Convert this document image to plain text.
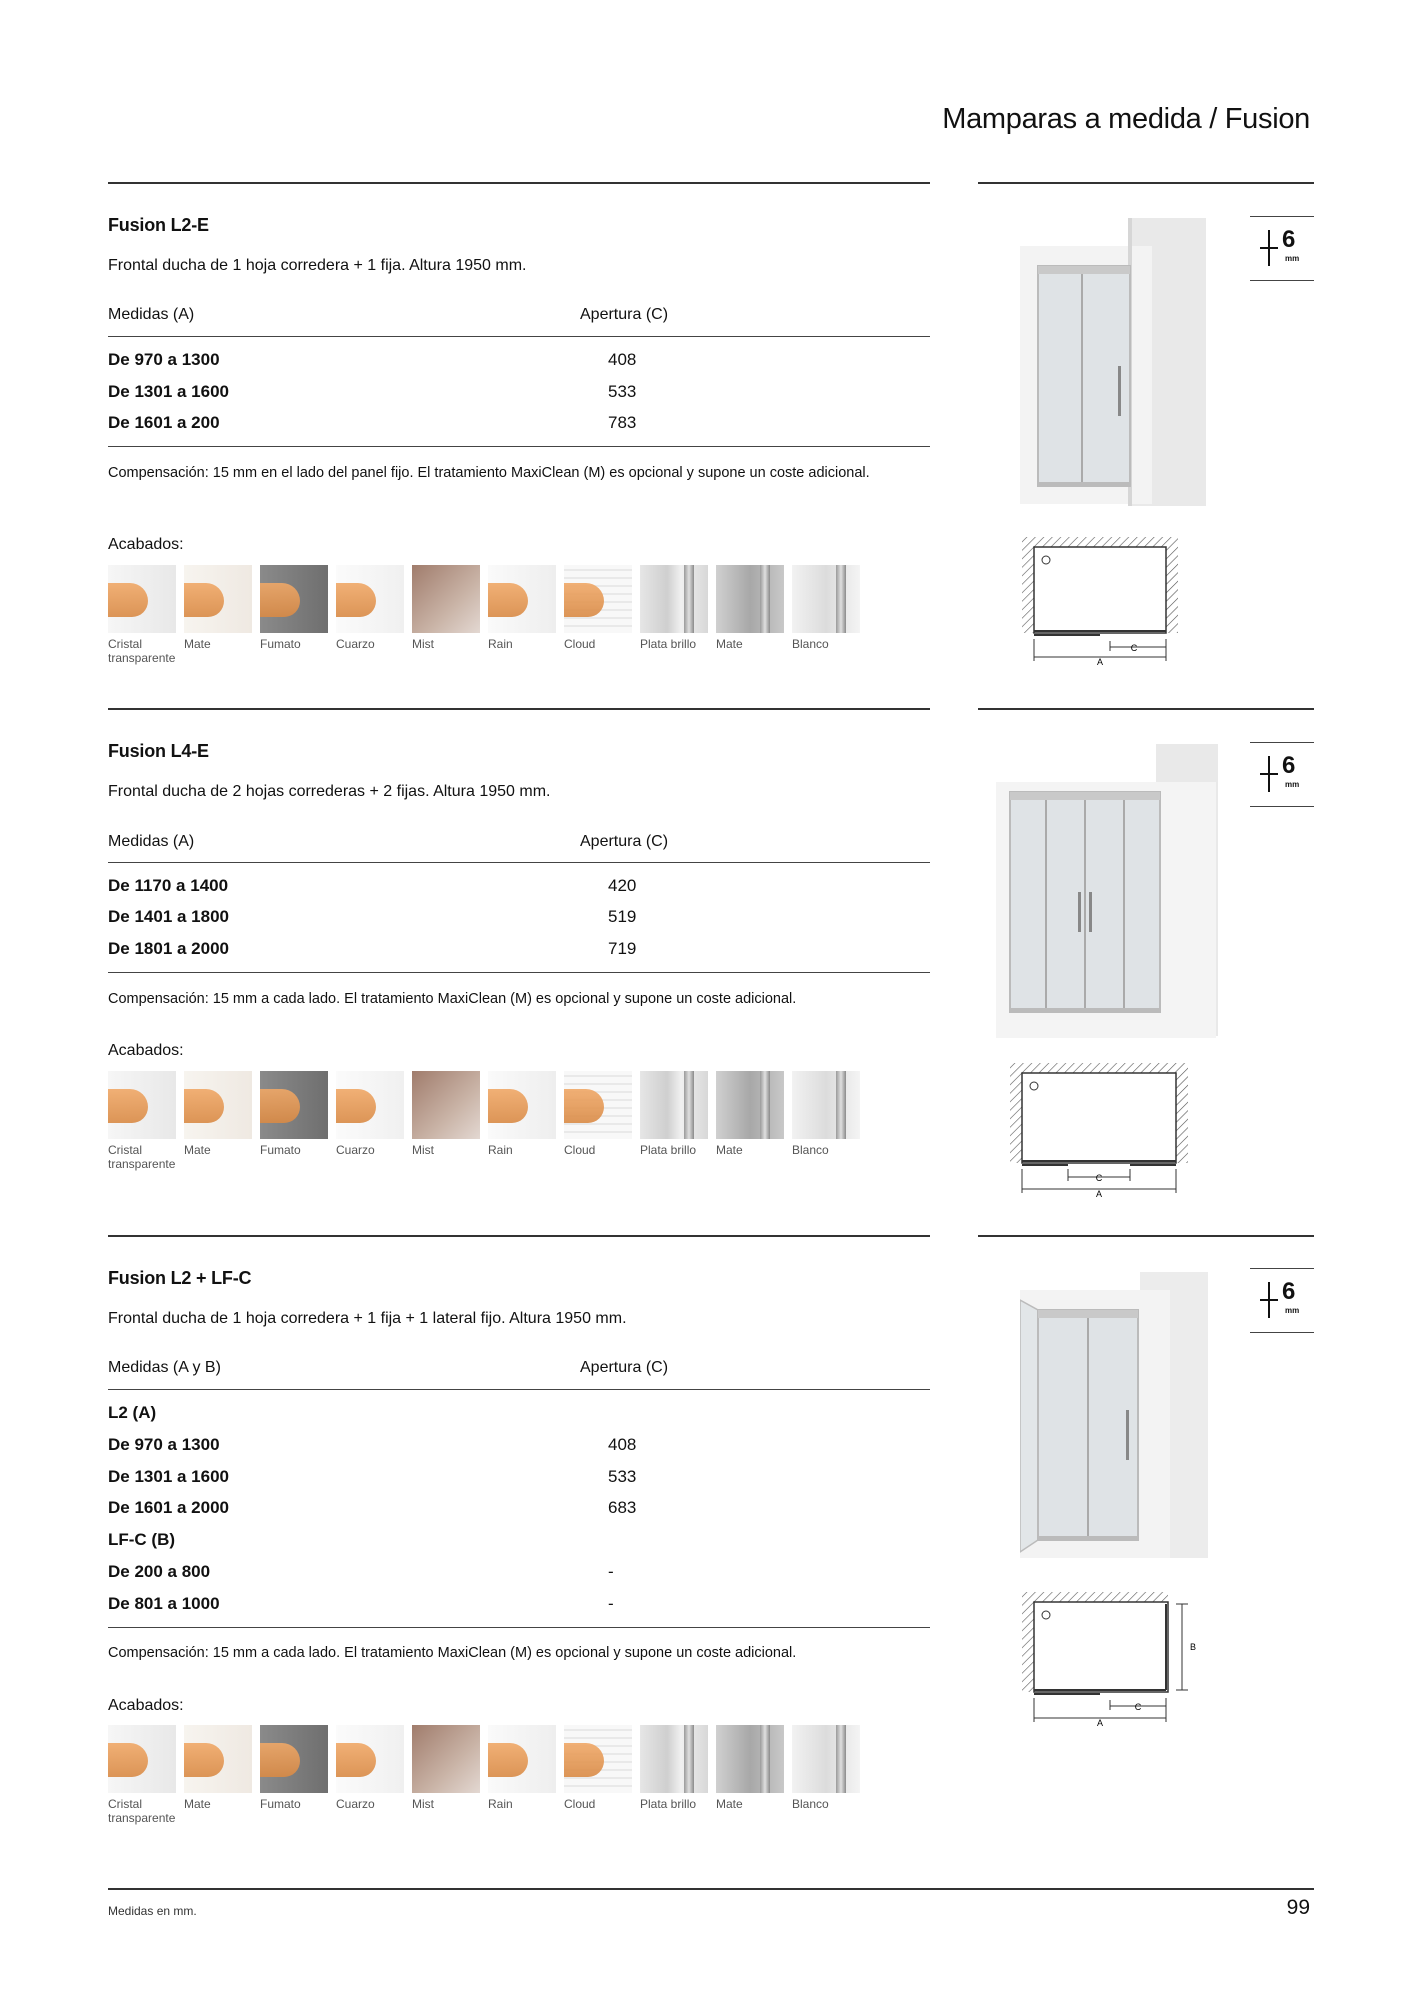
Mamparas a medida / Fusion
Fusion L2-E
Frontal ducha de 1 hoja corredera + 1 fija. Altura 1950 mm.
Medidas (A)	Apertura (C)
De 970 a 1300	408
De 1301 a 1600	533
De 1601 a 200	783
Compensación: 15 mm en el lado del panel fijo. El tratamiento MaxiClean (M) es opcional y supone un coste adicional.
Acabados:
Cristal transparente
Mate	Fumato	Cuarzo	Mist	Rain	Cloud	Plata brillo	Mate	Blanco	C
A
6
mm
Fusion L4-E
Frontal ducha de 2 hojas correderas + 2 fijas. Altura 1950 mm.
Medidas (A)	Apertura (C)
De 1170 a 1400	420
De 1401 a 1800	519
De 1801 a 2000	719
Compensación: 15 mm a cada lado. El tratamiento MaxiClean (M) es opcional y supone un coste adicional.
Acabados:
Cristal transparente
Mate	Fumato	Cuarzo	Mist	Rain	Cloud	Plata brillo	Mate	Blanco
C
A
6
mm
Fusion L2 + LF-C
Frontal ducha de 1 hoja corredera + 1 fija + 1 lateral fijo. Altura 1950 mm.
Medidas (A y B)	Apertura (C)
L2 (A)
De 970 a 1300	408
De 1301 a 1600	533
De 1601 a 2000	683
LF-C (B)
De 200 a 800	-
De 801 a 1000	-
Compensación: 15 mm a cada lado. El tratamiento MaxiClean (M) es opcional y supone un coste adicional.
Acabados:
Cristal transparente
Mate	Fumato	Cuarzo	Mist	Rain	Cloud	Plata brillo	Mate	Blanco
B
C
A
6
mm
Medidas en mm.	99
